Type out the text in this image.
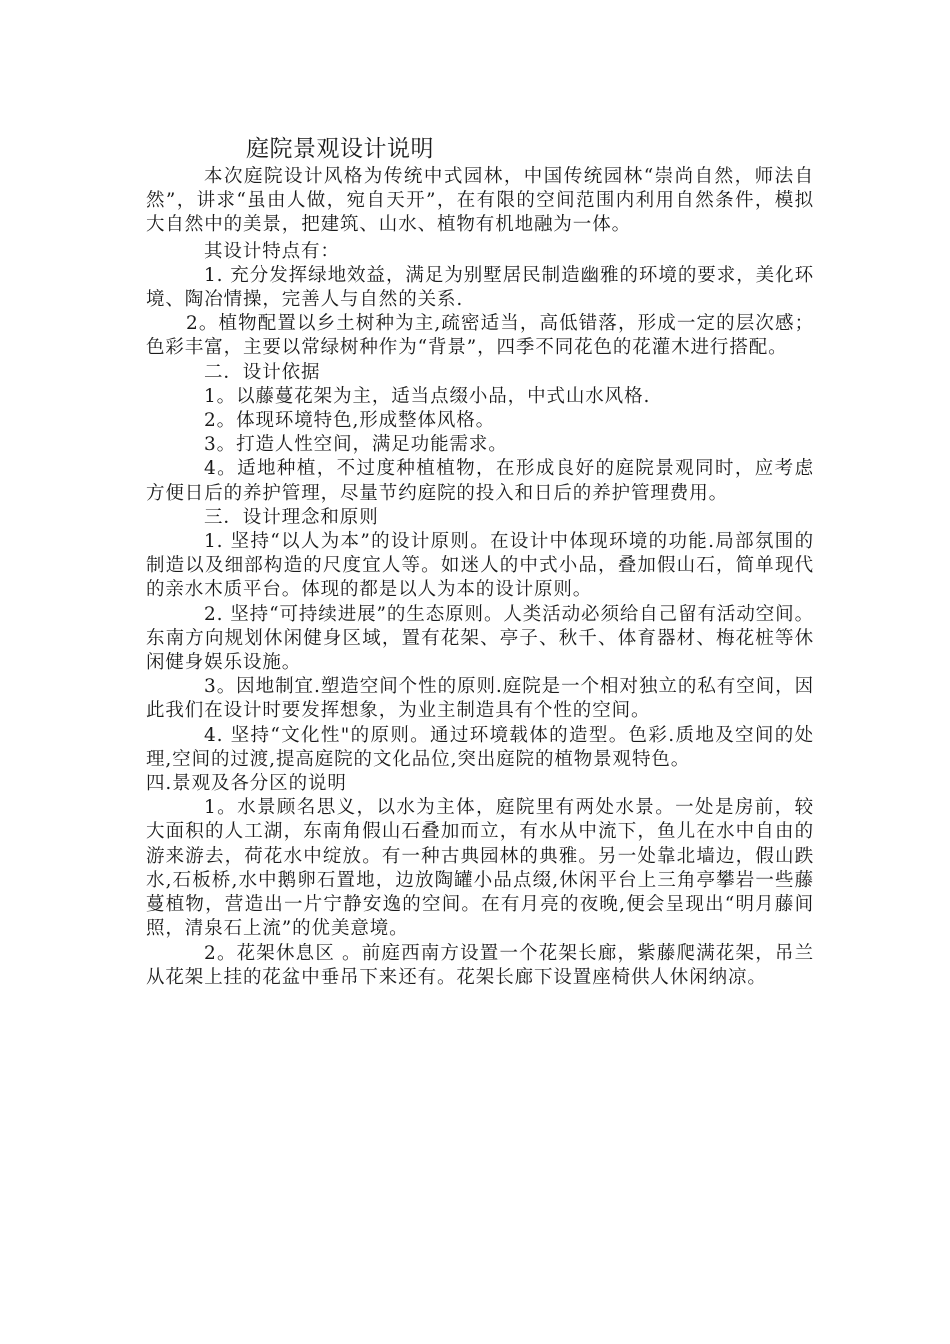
庭院景观设计说明

本次庭院设计风格为传统中式园林，中国传统园林“崇尚自然，师法自然”，讲求“虽由人做，宛自天开”，在有限的空间范围内利用自然条件，模拟大自然中的美景，把建筑、山水、植物有机地融为一体。

其设计特点有：

1. 充分发挥绿地效益，满足为别墅居民制造幽雅的环境的要求，美化环境、陶冶情操，完善人与自然的关系.

2。植物配置以乡土树种为主,疏密适当，高低错落，形成一定的层次感；色彩丰富，主要以常绿树种作为“背景”，四季不同花色的花灌木进行搭配。

二．设计依据

1。以藤蔓花架为主，适当点缀小品，中式山水风格.

2。体现环境特色,形成整体风格。

3。打造人性空间，满足功能需求。

4。适地种植，不过度种植植物，在形成良好的庭院景观同时，应考虑方便日后的养护管理，尽量节约庭院的投入和日后的养护管理费用。

三．设计理念和原则

1. 坚持“以人为本”的设计原则。在设计中体现环境的功能.局部氛围的制造以及细部构造的尺度宜人等。如迷人的中式小品，叠加假山石，简单现代的亲水木质平台。体现的都是以人为本的设计原则。

2. 坚持“可持续进展”的生态原则。人类活动必须给自己留有活动空间。东南方向规划休闲健身区域，置有花架、亭子、秋千、体育器材、梅花桩等休闲健身娱乐设施。

3。因地制宜.塑造空间个性的原则.庭院是一个相对独立的私有空间，因此我们在设计时要发挥想象，为业主制造具有个性的空间。

4. 坚持“文化性"的原则。通过环境载体的造型。色彩.质地及空间的处理,空间的过渡,提高庭院的文化品位,突出庭院的植物景观特色。

四.景观及各分区的说明

1。水景顾名思义，以水为主体，庭院里有两处水景。一处是房前，较大面积的人工湖，东南角假山石叠加而立，有水从中流下，鱼儿在水中自由的游来游去，荷花水中绽放。有一种古典园林的典雅。另一处靠北墙边，假山跌水,石板桥,水中鹅卵石置地，边放陶罐小品点缀,休闲平台上三角亭攀岩一些藤蔓植物，营造出一片宁静安逸的空间。在有月亮的夜晚,便会呈现出“明月藤间照，清泉石上流”的优美意境。

2。花架休息区 。前庭西南方设置一个花架长廊，紫藤爬满花架，吊兰从花架上挂的花盆中垂吊下来还有。花架长廊下设置座椅供人休闲纳凉。
